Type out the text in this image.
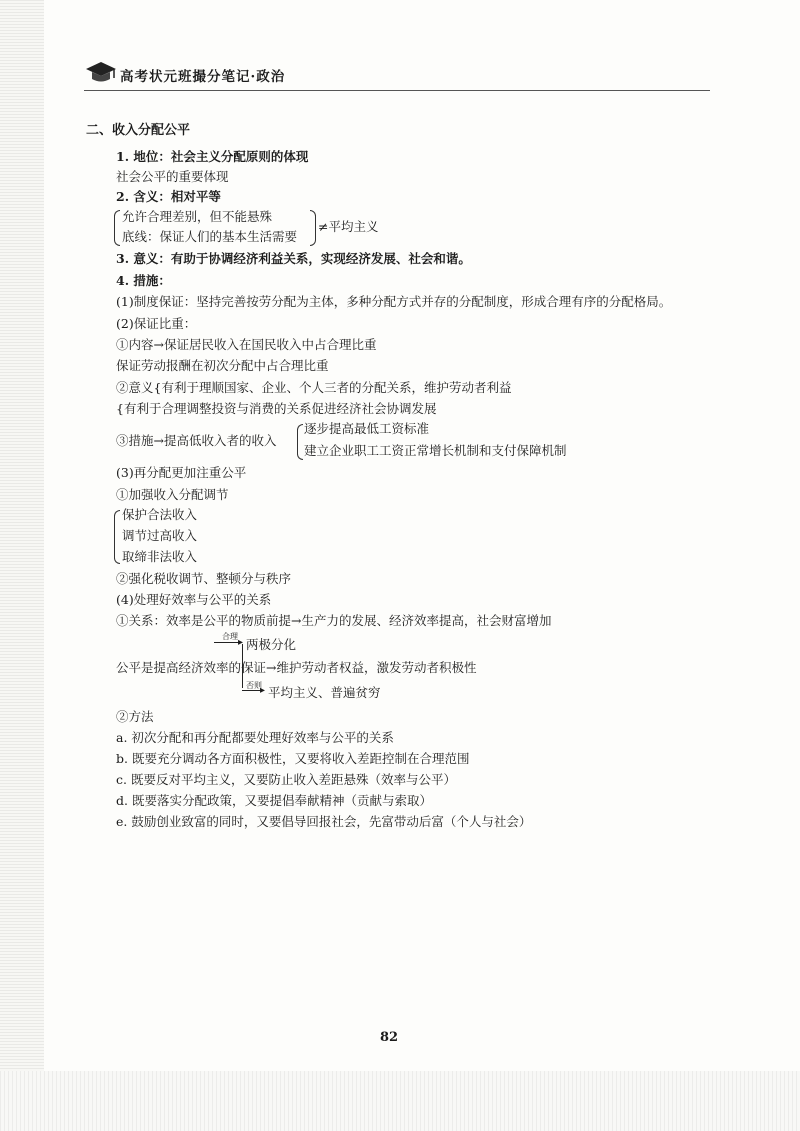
高考状元班撮分笔记·政治
二、收入分配公平
1. 地位：社会主义分配原则的体现
社会公平的重要体现
2. 含义：相对平等
允许合理差别，但不能悬殊
底线：保证人们的基本生活需要
≠平均主义
3. 意义：有助于协调经济利益关系，实现经济发展、社会和谐。
4. 措施：
(1)制度保证：坚持完善按劳分配为主体，多种分配方式并存的分配制度，形成合理有序的分配格局。
(2)保证比重：
①内容→保证居民收入在国民收入中占合理比重
保证劳动报酬在初次分配中占合理比重
②意义{有利于理顺国家、企业、个人三者的分配关系，维护劳动者利益
{有利于合理调整投资与消费的关系促进经济社会协调发展
③措施→提高低收入者的收入
逐步提高最低工资标准
建立企业职工工资正常增长机制和支付保障机制
(3)再分配更加注重公平
①加强收入分配调节
保护合法收入
调节过高收入
取缔非法收入
②强化税收调节、整顿分与秩序
(4)处理好效率与公平的关系
①关系：效率是公平的物质前提→生产力的发展、经济效率提高，社会财富增加
合理
▸ 两极分化
公平是提高经济效率的保证→维护劳动者权益，激发劳动者积极性
否则
▸ 平均主义、普遍贫穷
②方法
a. 初次分配和再分配都要处理好效率与公平的关系
b. 既要充分调动各方面积极性，又要将收入差距控制在合理范围
c. 既要反对平均主义，又要防止收入差距悬殊（效率与公平）
d. 既要落实分配政策，又要提倡奉献精神（贡献与索取）
e. 鼓励创业致富的同时，又要倡导回报社会，先富带动后富（个人与社会）
82
